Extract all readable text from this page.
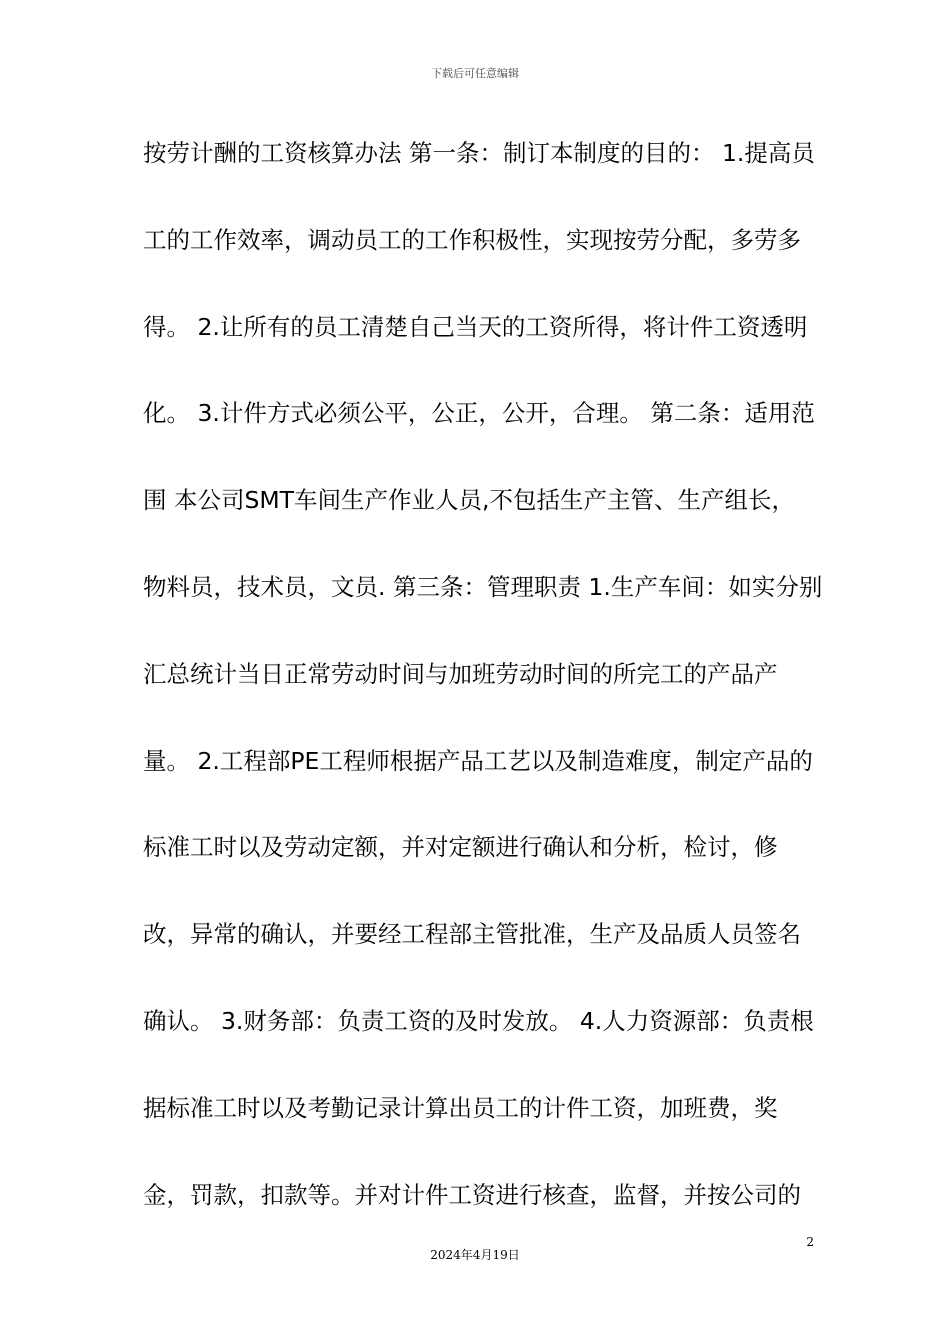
下载后可任意编辑
按劳计酬的工资核算办法 第一条：制订本制度的目的： 1.提高员
工的工作效率，调动员工的工作积极性，实现按劳分配，多劳多
得。 2.让所有的员工清楚自己当天的工资所得，将计件工资透明
化。 3.计件方式必须公平，公正，公开，合理。 第二条：适用范
围 本公司SMT车间生产作业人员,不包括生产主管、生产组长，
物料员，技术员，文员. 第三条：管理职责 1.生产车间：如实分别
汇总统计当日正常劳动时间与加班劳动时间的所完工的产品产
量。 2.工程部PE工程师根据产品工艺以及制造难度，制定产品的
标准工时以及劳动定额，并对定额进行确认和分析，检讨，修
改，异常的确认，并要经工程部主管批准，生产及品质人员签名
确认。 3.财务部：负责工资的及时发放。 4.人力资源部：负责根
据标准工时以及考勤记录计算出员工的计件工资，加班费，奖
金，罚款，扣款等。并对计件工资进行核查，监督，并按公司的
2
2024年4月19日
